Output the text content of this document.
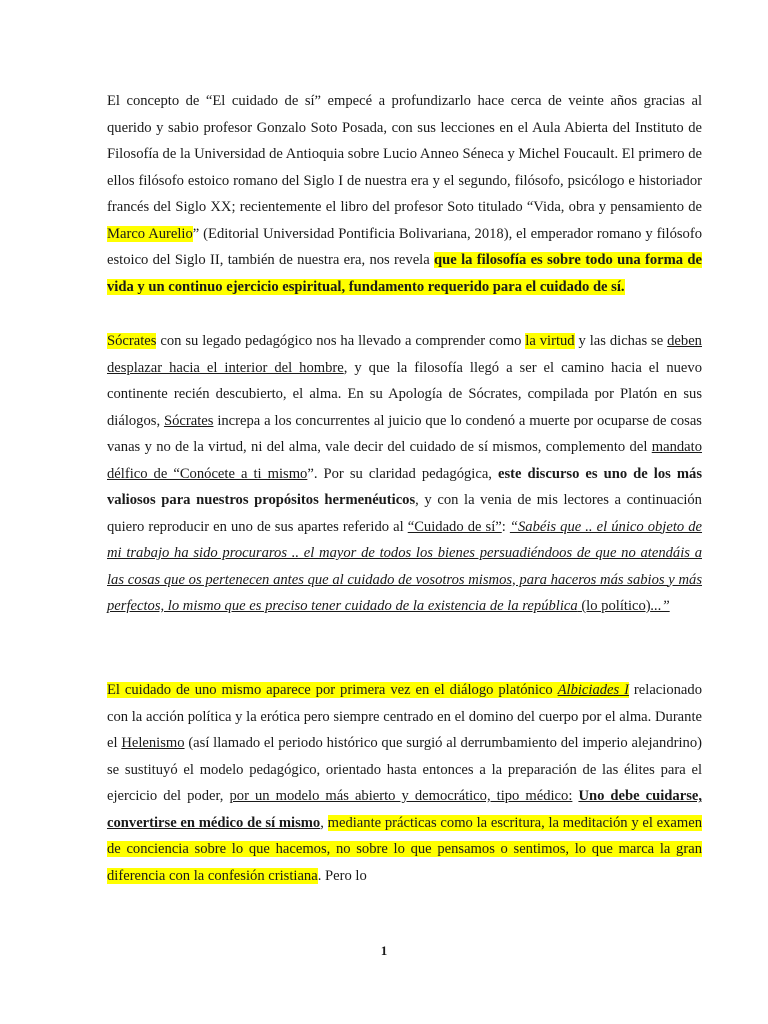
El concepto de “El cuidado de sí” empecé a profundizarlo hace cerca de veinte años gracias al querido y sabio profesor Gonzalo Soto Posada, con sus lecciones en el Aula Abierta del Instituto de Filosofía de la Universidad de Antioquia sobre Lucio Anneo Séneca y Michel Foucault. El primero de ellos filósofo estoico romano del Siglo I de nuestra era y el segundo, filósofo, psicólogo e historiador francés del Siglo XX; recientemente el libro del profesor Soto titulado “Vida, obra y pensamiento de Marco Aurelio” (Editorial Universidad Pontificia Bolivariana, 2018), el emperador romano y filósofo estoico del Siglo II, también de nuestra era, nos revela que la filosofía es sobre todo una forma de vida y un continuo ejercicio espiritual, fundamento requerido para el cuidado de sí.

Sócrates con su legado pedagógico nos ha llevado a comprender como la virtud y las dichas se deben desplazar hacia el interior del hombre, y que la filosofía llegó a ser el camino hacia el nuevo continente recién descubierto, el alma. En su Apología de Sócrates, compilada por Platón en sus diálogos, Sócrates increpa a los concurrentes al juicio que lo condenó a muerte por ocuparse de cosas vanas y no de la virtud, ni del alma, vale decir del cuidado de sí mismos, complemento del mandato délfico de “Conócete a ti mismo”. Por su claridad pedagógica, este discurso es uno de los más valiosos para nuestros propósitos hermenéuticos, y con la venia de mis lectores a continuación quiero reproducir en uno de sus apartes referido al “Cuidado de sí”: “Sabéis que .. el único objeto de mi trabajo ha sido procuraros .. el mayor de todos los bienes persuadiéndoos de que no atendáis a las cosas que os pertenecen antes que al cuidado de vosotros mismos, para haceros más sabios y más perfectos, lo mismo que es preciso tener cuidado de la existencia de la república (lo político)...”

El cuidado de uno mismo aparece por primera vez en el diálogo platónico Albiciades I relacionado con la acción política y la erótica pero siempre centrado en el domino del cuerpo por el alma. Durante el Helenismo (así llamado el periodo histórico que surgió al derrumbamiento del imperio alejandrino) se sustituyó el modelo pedagógico, orientado hasta entonces a la preparación de las élites para el ejercicio del poder, por un modelo más abierto y democrático, tipo médico: Uno debe cuidarse, convertirse en médico de sí mismo, mediante prácticas como la escritura, la meditación y el examen de conciencia sobre lo que hacemos, no sobre lo que pensamos o sentimos, lo que marca la gran diferencia con la confesión cristiana. Pero lo

1
